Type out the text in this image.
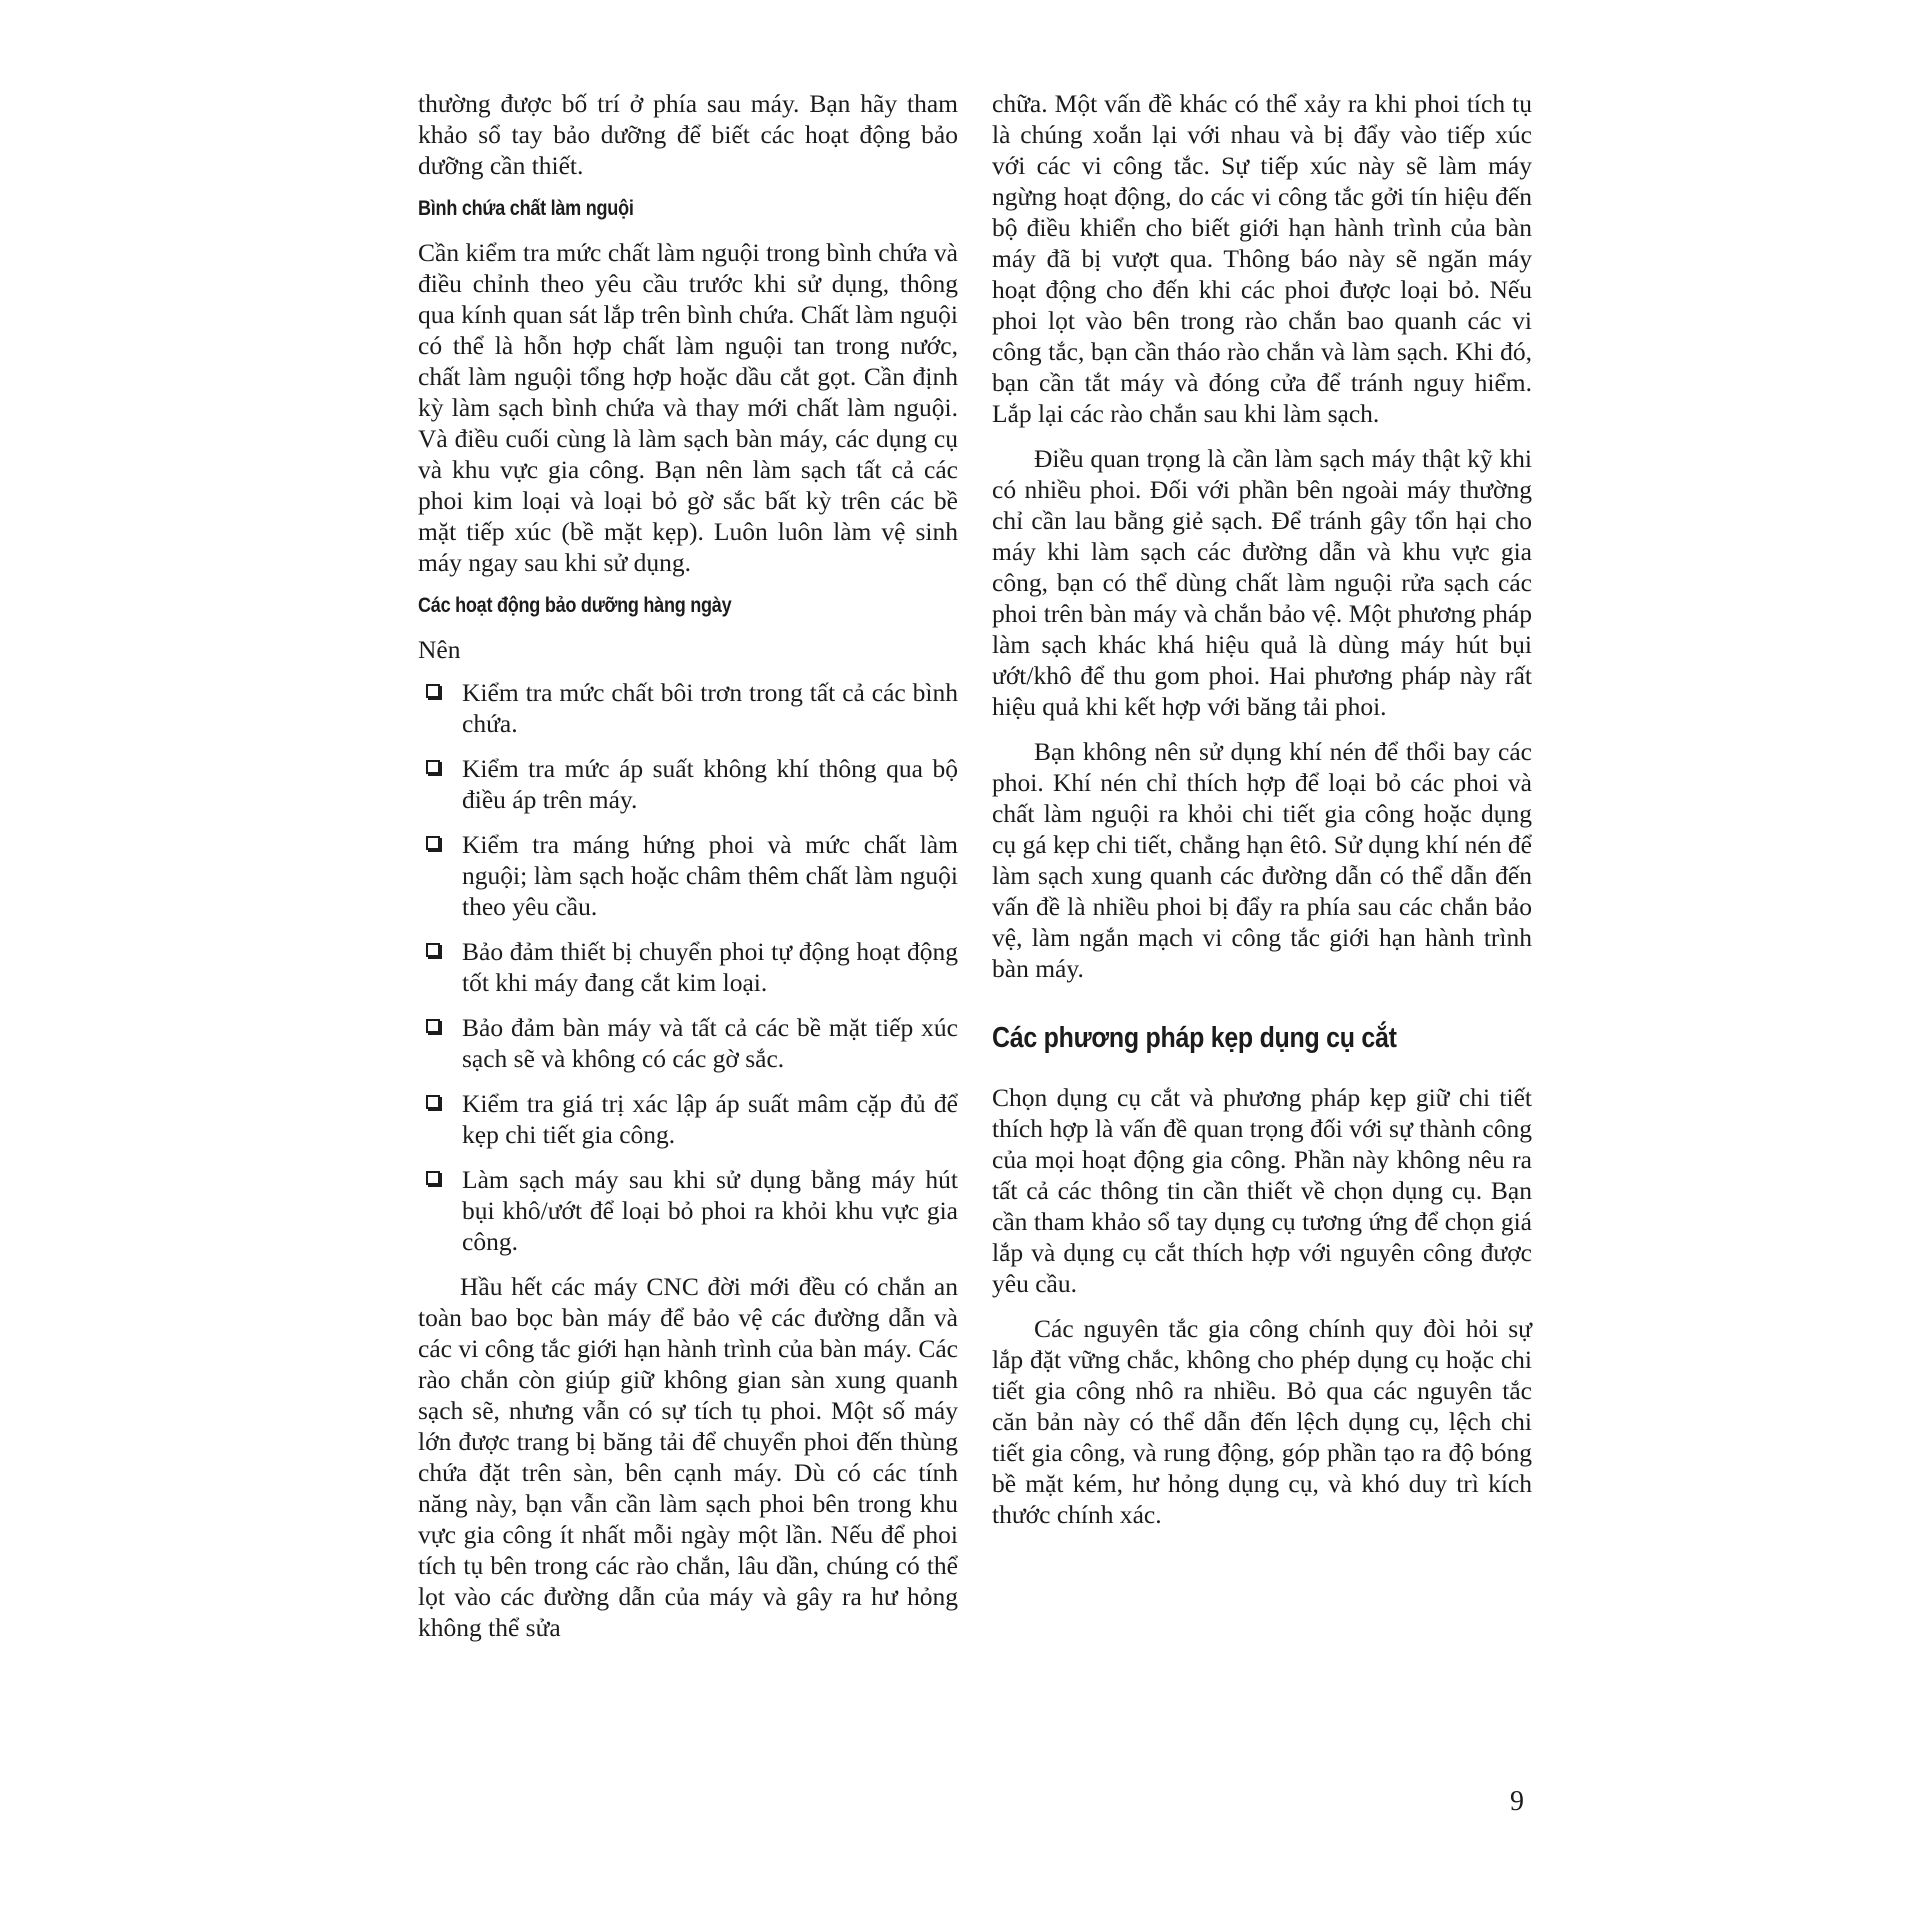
thường được bố trí ở phía sau máy. Bạn hãy tham khảo sổ tay bảo dưỡng để biết các hoạt động bảo dưỡng cần thiết.

Bình chứa chất làm nguội

Cần kiểm tra mức chất làm nguội trong bình chứa và điều chỉnh theo yêu cầu trước khi sử dụng, thông qua kính quan sát lắp trên bình chứa. Chất làm nguội có thể là hỗn hợp chất làm nguội tan trong nước, chất làm nguội tổng hợp hoặc dầu cắt gọt. Cần định kỳ làm sạch bình chứa và thay mới chất làm nguội. Và điều cuối cùng là làm sạch bàn máy, các dụng cụ và khu vực gia công. Bạn nên làm sạch tất cả các phoi kim loại và loại bỏ gờ sắc bất kỳ trên các bề mặt tiếp xúc (bề mặt kẹp). Luôn luôn làm vệ sinh máy ngay sau khi sử dụng.

Các hoạt động bảo dưỡng hàng ngày
Nên
Kiểm tra mức chất bôi trơn trong tất cả các bình chứa.
Kiểm tra mức áp suất không khí thông qua bộ điều áp trên máy.
Kiểm tra máng hứng phoi và mức chất làm nguội; làm sạch hoặc châm thêm chất làm nguội theo yêu cầu.
Bảo đảm thiết bị chuyển phoi tự động hoạt động tốt khi máy đang cắt kim loại.
Bảo đảm bàn máy và tất cả các bề mặt tiếp xúc sạch sẽ và không có các gờ sắc.
Kiểm tra giá trị xác lập áp suất mâm cặp đủ để kẹp chi tiết gia công.
Làm sạch máy sau khi sử dụng bằng máy hút bụi khô/ướt để loại bỏ phoi ra khỏi khu vực gia công.

Hầu hết các máy CNC đời mới đều có chắn an toàn bao bọc bàn máy để bảo vệ các đường dẫn và các vi công tắc giới hạn hành trình của bàn máy. Các rào chắn còn giúp giữ không gian sàn xung quanh sạch sẽ, nhưng vẫn có sự tích tụ phoi. Một số máy lớn được trang bị băng tải để chuyển phoi đến thùng chứa đặt trên sàn, bên cạnh máy. Dù có các tính năng này, bạn vẫn cần làm sạch phoi bên trong khu vực gia công ít nhất mỗi ngày một lần. Nếu để phoi tích tụ bên trong các rào chắn, lâu dần, chúng có thể lọt vào các đường dẫn của máy và gây ra hư hỏng không thể sửa

chữa. Một vấn đề khác có thể xảy ra khi phoi tích tụ là chúng xoắn lại với nhau và bị đẩy vào tiếp xúc với các vi công tắc. Sự tiếp xúc này sẽ làm máy ngừng hoạt động, do các vi công tắc gởi tín hiệu đến bộ điều khiển cho biết giới hạn hành trình của bàn máy đã bị vượt qua. Thông báo này sẽ ngăn máy hoạt động cho đến khi các phoi được loại bỏ. Nếu phoi lọt vào bên trong rào chắn bao quanh các vi công tắc, bạn cần tháo rào chắn và làm sạch. Khi đó, bạn cần tắt máy và đóng cửa để tránh nguy hiểm. Lắp lại các rào chắn sau khi làm sạch.

Điều quan trọng là cần làm sạch máy thật kỹ khi có nhiều phoi. Đối với phần bên ngoài máy thường chỉ cần lau bằng giẻ sạch. Để tránh gây tổn hại cho máy khi làm sạch các đường dẫn và khu vực gia công, bạn có thể dùng chất làm nguội rửa sạch các phoi trên bàn máy và chắn bảo vệ. Một phương pháp làm sạch khác khá hiệu quả là dùng máy hút bụi ướt/khô để thu gom phoi. Hai phương pháp này rất hiệu quả khi kết hợp với băng tải phoi.

Bạn không nên sử dụng khí nén để thổi bay các phoi. Khí nén chỉ thích hợp để loại bỏ các phoi và chất làm nguội ra khỏi chi tiết gia công hoặc dụng cụ gá kẹp chi tiết, chẳng hạn êtô. Sử dụng khí nén để làm sạch xung quanh các đường dẫn có thể dẫn đến vấn đề là nhiều phoi bị đẩy ra phía sau các chắn bảo vệ, làm ngắn mạch vi công tắc giới hạn hành trình bàn máy.

Các phương pháp kẹp dụng cụ cắt

Chọn dụng cụ cắt và phương pháp kẹp giữ chi tiết thích hợp là vấn đề quan trọng đối với sự thành công của mọi hoạt động gia công. Phần này không nêu ra tất cả các thông tin cần thiết về chọn dụng cụ. Bạn cần tham khảo sổ tay dụng cụ tương ứng để chọn giá lắp và dụng cụ cắt thích hợp với nguyên công được yêu cầu.

Các nguyên tắc gia công chính quy đòi hỏi sự lắp đặt vững chắc, không cho phép dụng cụ hoặc chi tiết gia công nhô ra nhiều. Bỏ qua các nguyên tắc căn bản này có thể dẫn đến lệch dụng cụ, lệch chi tiết gia công, và rung động, góp phần tạo ra độ bóng bề mặt kém, hư hỏng dụng cụ, và khó duy trì kích thước chính xác.

9
